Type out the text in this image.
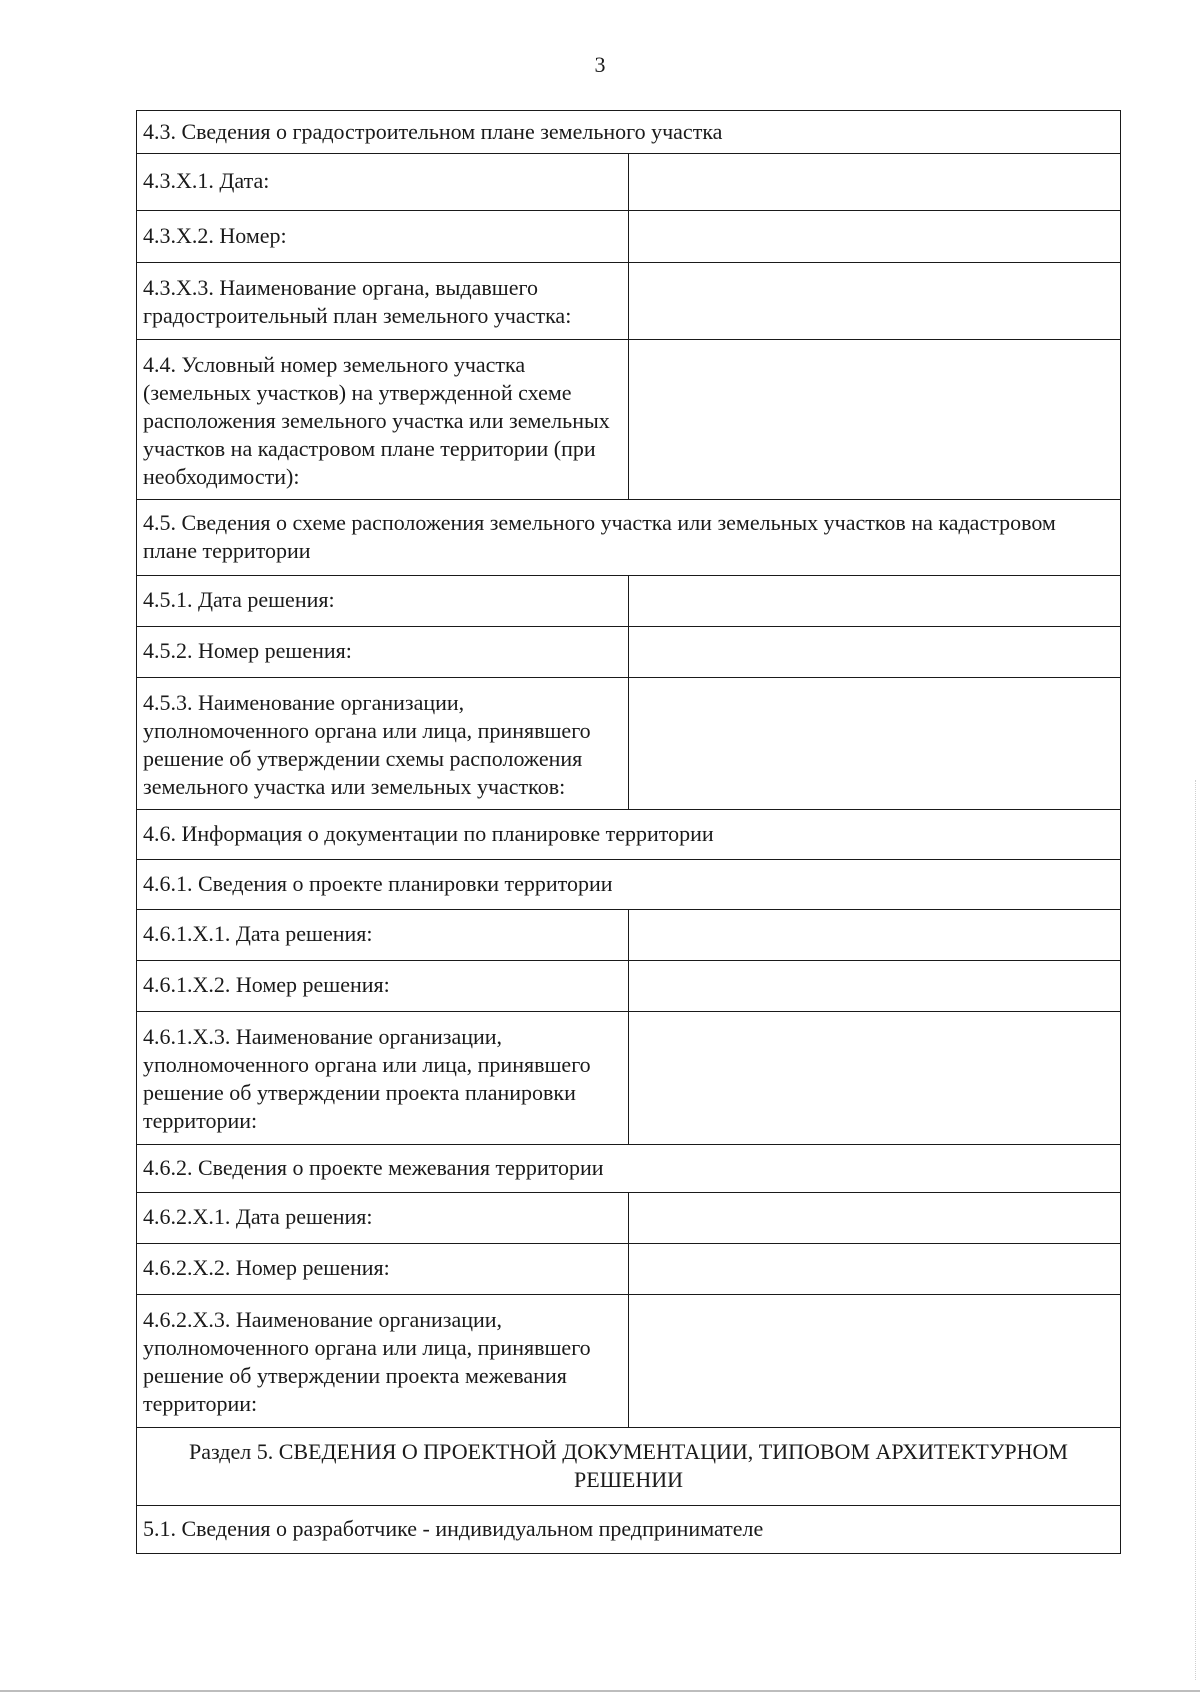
3
4.3. Сведения о градостроительном плане земельного участка	
4.3.Х.1. Дата:	
4.3.Х.2. Номер:	
4.3.Х.3. Наименование органа, выдавшего градостроительный план земельного участка:	
4.4. Условный номер земельного участка (земельных участков) на утвержденной схеме расположения земельного участка или земельных участков на кадастровом плане территории (при необходимости):	
4.5. Сведения о схеме расположения земельного участка или земельных участков на кадастровом плане территории	
4.5.1. Дата решения:	
4.5.2. Номер решения:	
4.5.3. Наименование организации, уполномоченного органа или лица, принявшего решение об утверждении схемы расположения земельного участка или земельных участков:	
4.6. Информация о документации по планировке территории	
4.6.1. Сведения о проекте планировки территории	
4.6.1.Х.1. Дата решения:	
4.6.1.Х.2. Номер решения:	
4.6.1.Х.3. Наименование организации, уполномоченного органа или лица, принявшего решение об утверждении проекта планировки территории:	
4.6.2. Сведения о проекте межевания территории	
4.6.2.Х.1. Дата решения:	
4.6.2.Х.2. Номер решения:	
4.6.2.Х.3. Наименование организации, уполномоченного органа или лица, принявшего решение об утверждении проекта межевания территории:	
Раздел 5. СВЕДЕНИЯ О ПРОЕКТНОЙ ДОКУМЕНТАЦИИ, ТИПОВОМ АРХИТЕКТУРНОМ РЕШЕНИИ	
5.1. Сведения о разработчике - индивидуальном предпринимателе	
